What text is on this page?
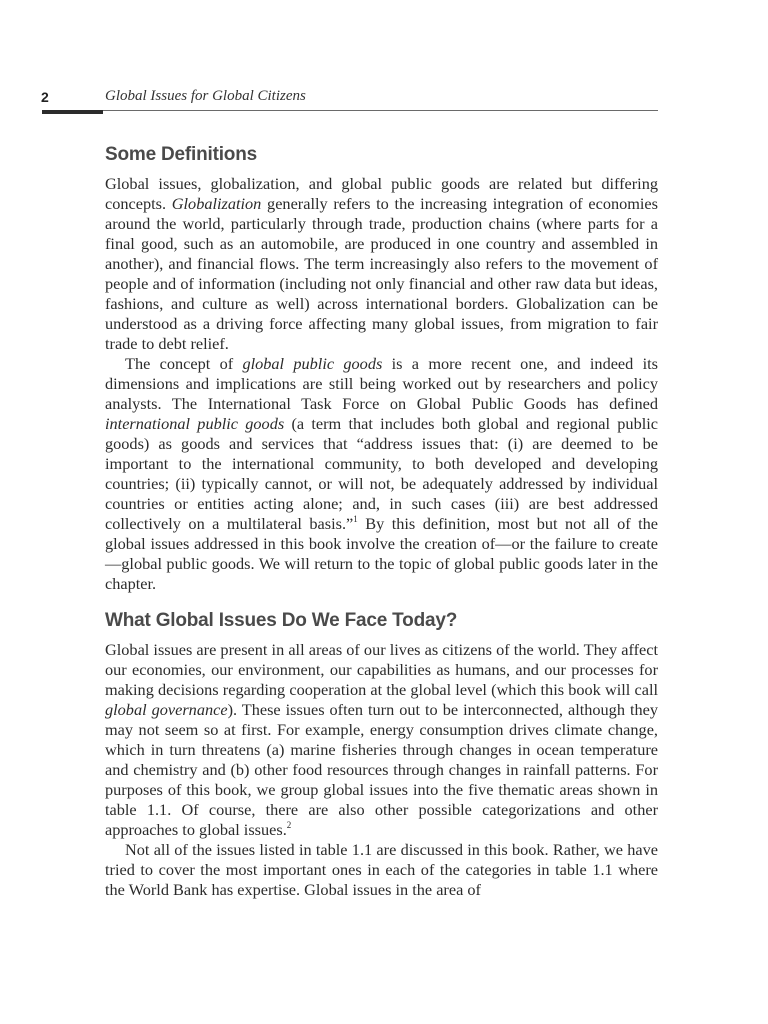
2	Global Issues for Global Citizens
Some Definitions

Global issues, globalization, and global public goods are related but differing concepts. Globalization generally refers to the increasing integration of economies around the world, particularly through trade, production chains (where parts for a final good, such as an automobile, are produced in one country and assembled in another), and financial flows. The term increasingly also refers to the movement of people and of information (including not only financial and other raw data but ideas, fashions, and culture as well) across international borders. Globalization can be understood as a driving force affecting many global issues, from migration to fair trade to debt relief.

The concept of global public goods is a more recent one, and indeed its dimensions and implications are still being worked out by researchers and policy analysts. The International Task Force on Global Public Goods has defined international public goods (a term that includes both global and regional public goods) as goods and services that “address issues that: (i) are deemed to be important to the international community, to both developed and developing countries; (ii) typically cannot, or will not, be adequately addressed by individual countries or entities acting alone; and, in such cases (iii) are best addressed collectively on a multilateral basis.”$^1$ By this definition, most but not all of the global issues addressed in this book involve the creation of—or the failure to create—global public goods. We will return to the topic of global public goods later in the chapter.

What Global Issues Do We Face Today?

Global issues are present in all areas of our lives as citizens of the world. They affect our economies, our environment, our capabilities as humans, and our processes for making decisions regarding cooperation at the global level (which this book will call global governance). These issues often turn out to be interconnected, although they may not seem so at first. For example, energy consumption drives climate change, which in turn threatens (a) marine fisheries through changes in ocean temperature and chemistry and (b) other food resources through changes in rainfall patterns. For purposes of this book, we group global issues into the five thematic areas shown in table 1.1. Of course, there are also other possible categorizations and other approaches to global issues.$^2$

Not all of the issues listed in table 1.1 are discussed in this book. Rather, we have tried to cover the most important ones in each of the categories in table 1.1 where the World Bank has expertise. Global issues in the area of
